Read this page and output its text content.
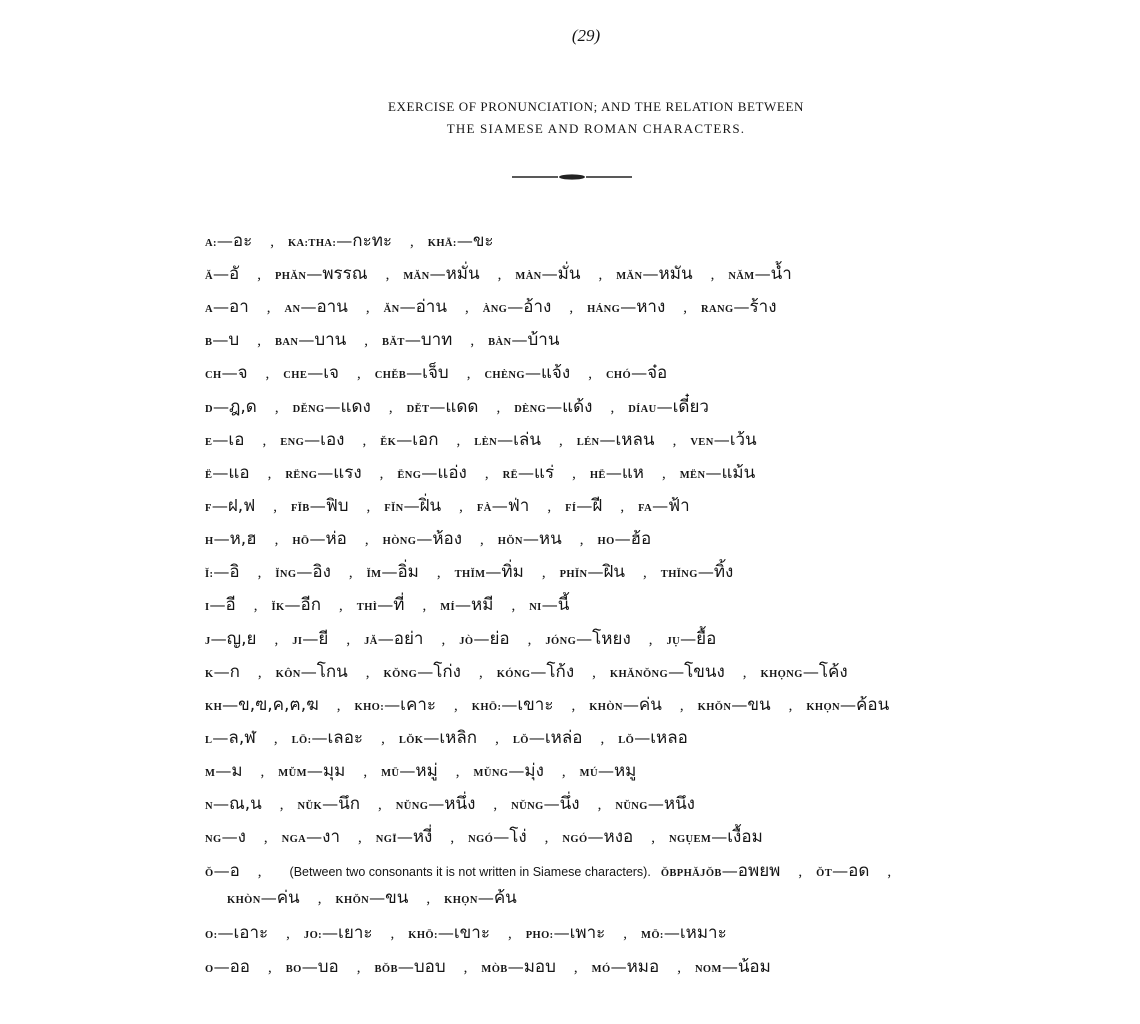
(29)
EXERCISE OF PRONUNCIATION; AND THE RELATION BETWEEN
THE SIAMESE AND ROMAN CHARACTERS.
A:—อะ , KA:THA:—กะทะ , KHĀ:—ขะ
Ă—อั , PHĂN—พรรณ , MĂN—หมั่น , MÀN—มั่น , MĂN—หมัน , NĂM—น้ำ
A—อา , AN—อาน , ĂN—อ่าน , ÀNG—อ้าง , HÁNG—หาง , RANG—ร้าง
B—บ , BAN—บาน , BĂT—บาท , BÀN—บ้าน
CH—จ , CHE—เจ , CHĔB—เจ็บ , CHÈNG—แจ้ง , CHÓ—จ๋อ
D—ฎ,ด , DĔNG—แดง , DĔT—แดด , DÈNG—แด้ง , DÍAU—เดี๋ยว
E—เอ , ENG—เอง , ĔK—เอก , LÈN—เล่น , LÉN—เหลน , VEN—เว้น
Ë—แอ , RËNG—แรง , ËNG—แอ่ง , RË—แร่ , HË—แห , MËN—แม้น
F—ฝ,ฟ , FĬB—ฟิบ , FĬN—ฝิ่น , FÀ—ฟ่า , FÍ—ฝี , FA—ฟ้า
H—ห,ฮ , HŌ—ห่อ , HÒNG—ห้อง , HŎN—หน , HO—ฮ้อ
Ĭ:—อิ , ĬNG—อิง , ĬM—อิ่ม , THĬM—ทิ่ม , PHĬN—ฝิน , THĬNG—ทิ้ง
I—อี , ĬK—อีก , THÌ—ที่ , MÍ—หมี , NI—นี้
J—ญ,ย , JI—ยี , JĂ—อย่า , JÒ—ย่อ , JÓNG—โหยง , JỤ—ยื้อ
K—ก , KÔN—โกน , KŎNG—โก่ง , KÓNG—โก้ง , KHĂNŎNG—โขนง , KHỌNG—โค้ง
KH—ข,ฃ,ค,ฅ,ฆ , KHO:—เคาะ , KHŌ:—เขาะ , KHÒN—ค่น , KHŎN—ขน , KHỌN—ค้อน
L—ล,ฬ , LŌ:—เลอะ , LŎK—เหลิก , LŎ—เหล่อ , LŎ—เหลอ
M—ม , MŬM—มุม , MŪ—หมู่ , MŬNG—มุ่ง , MÚ—หมู
N—ณ,น , NŬK—นึก , NŬNG—หนึ่ง , NŬNG—นึ่ง , NŬNG—หนึง
NG—ง , NGA—งา , NGĪ—หงี่ , NGÓ—โง่ , NGÓ—หงอ , NGỤEM—เงื้อม
Ŏ—อ , (Between two consonants it is not written in Siamese characters). ŎBPHĂJŎB—อพยพ , ŎT—อด ,
KHÒN—ค่น , KHŎN—ขน , KHỌN—ค้น
O:—เอาะ , JO:—เยาะ , KHŌ:—เขาะ , PHO:—เพาะ , MŌ:—เหมาะ
O—ออ , BO—บอ , BŎB—บอบ , MÒB—มอบ , MÓ—หมอ , NOM—น้อม
